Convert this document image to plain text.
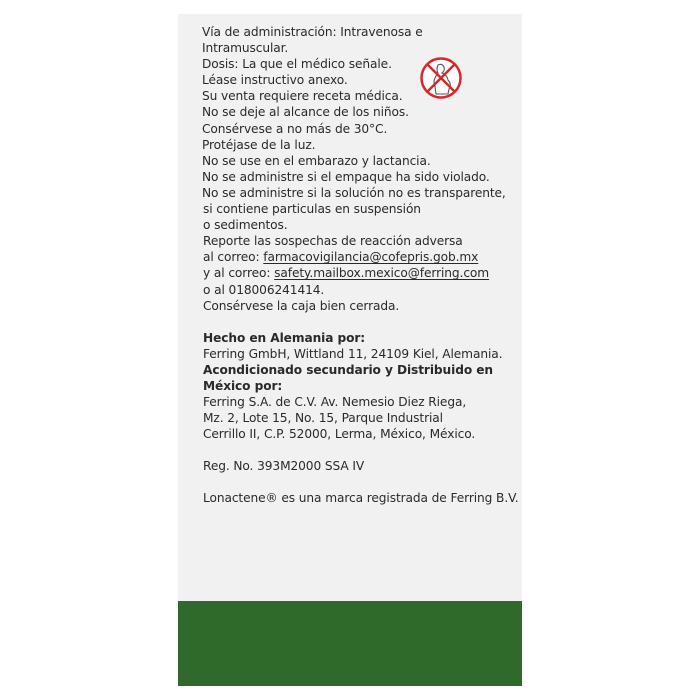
Vía de administración: Intravenosa e
Intramuscular.
Dosis: La que el médico señale.
Léase instructivo anexo.
Su venta requiere receta médica.
No se deje al alcance de los niños.
Consérvese a no más de 30°C.
Protéjase de la luz.
No se use en el embarazo y lactancia.
No se administre si el empaque ha sido violado.
No se administre si la solución no es transparente,
si contiene particulas en suspensión
o sedimentos.
Reporte las sospechas de reacción adversa
al correo: farmacovigilancia@cofepris.gob.mx
y al correo: safety.mailbox.mexico@ferring.com
o al 018006241414.
Consérvese la caja bien cerrada.
Hecho en Alemania por:
Ferring GmbH, Wittland 11, 24109 Kiel, Alemania.
Acondicionado secundario y Distribuido en
México por:
Ferring S.A. de C.V. Av. Nemesio Diez Riega,
Mz. 2, Lote 15, No. 15, Parque Industrial
Cerrillo II, C.P. 52000, Lerma, México, México.
Reg. No. 393M2000 SSA IV
Lonactene® es una marca registrada de Ferring B.V.
